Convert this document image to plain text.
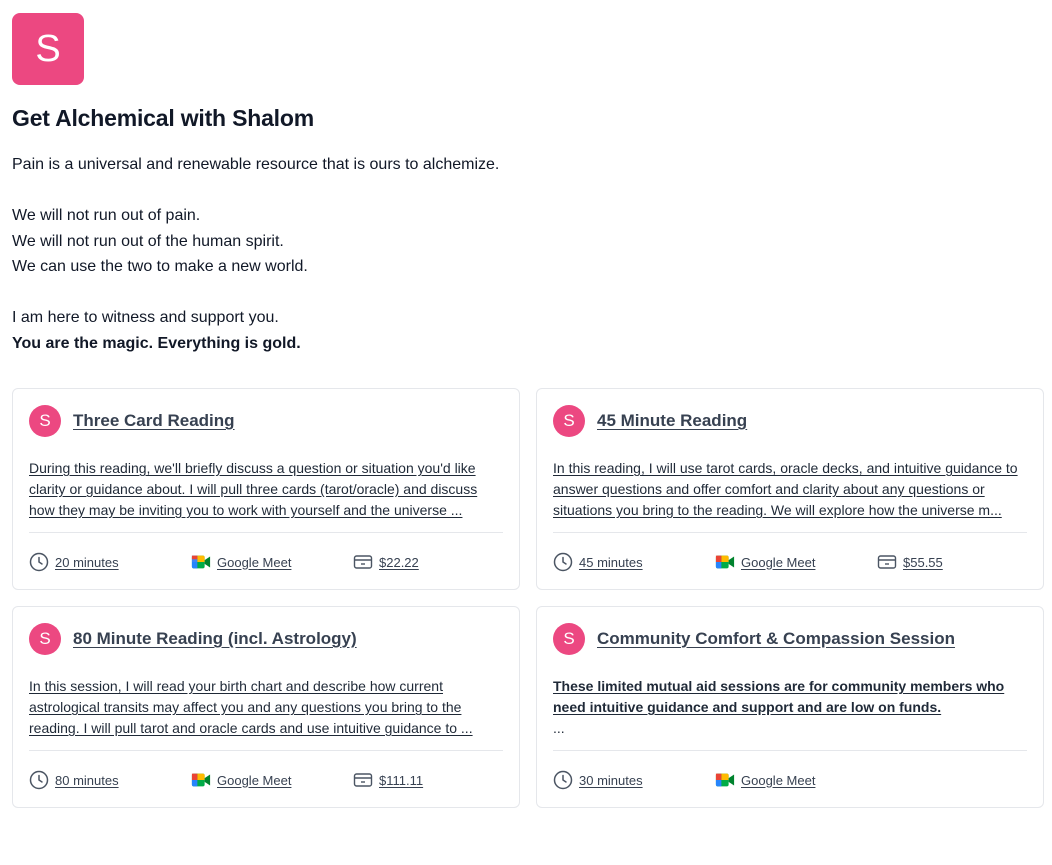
S
Get Alchemical with Shalom

Pain is a universal and renewable resource that is ours to alchemize.

We will not run out of pain.

We will not run out of the human spirit.

We can use the two to make a new world.

I am here to witness and support you.

You are the magic. Everything is gold.

S	Three Card Reading
During this reading, we'll briefly discuss a question or situation you'd like clarity or guidance about. I will pull three cards (tarot/oracle) and discuss how they may be inviting you to work with yourself and the universe ...
20 minutes	Google Meet	$22.22
S	45 Minute Reading
In this reading, I will use tarot cards, oracle decks, and intuitive guidance to answer questions and offer comfort and clarity about any questions or situations you bring to the reading. We will explore how the universe m...
45 minutes	Google Meet	$55.55
S	80 Minute Reading (incl. Astrology)
In this session, I will read your birth chart and describe how current astrological transits may affect you and any questions you bring to the reading. I will pull tarot and oracle cards and use intuitive guidance to ...
80 minutes	Google Meet	$111.11
S	Community Comfort & Compassion Session
These limited mutual aid sessions are for community members who need intuitive guidance and support and are low on funds.
...
30 minutes	Google Meet
